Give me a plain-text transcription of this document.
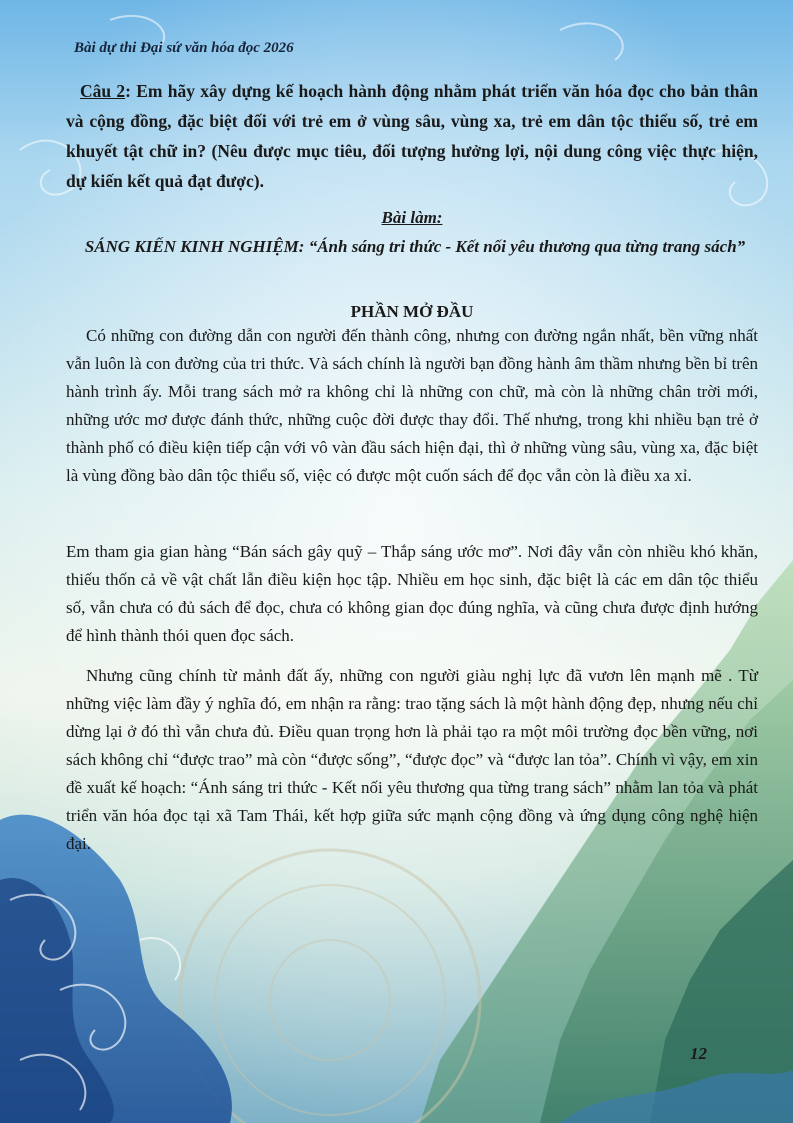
Bài dự thi Đại sứ văn hóa đọc 2026
Câu 2: Em hãy xây dựng kế hoạch hành động nhằm phát triển văn hóa đọc cho bản thân và cộng đồng, đặc biệt đối với trẻ em ở vùng sâu, vùng xa, trẻ em dân tộc thiểu số, trẻ em khuyết tật chữ in? (Nêu được mục tiêu, đối tượng hưởng lợi, nội dung công việc thực hiện, dự kiến kết quả đạt được).
Bài làm:
SÁNG KIẾN KINH NGHIỆM: “Ánh sáng tri thức - Kết nối yêu thương qua từng trang sách”
PHẦN MỞ ĐẦU

Có những con đường dẫn con người đến thành công, nhưng con đường ngắn nhất, bền vững nhất vẫn luôn là con đường của tri thức. Và sách chính là người bạn đồng hành âm thầm nhưng bền bỉ trên hành trình ấy. Mỗi trang sách mở ra không chỉ là những con chữ, mà còn là những chân trời mới, những ước mơ được đánh thức, những cuộc đời được thay đổi. Thế nhưng, trong khi nhiều bạn trẻ ở thành phố có điều kiện tiếp cận với vô vàn đầu sách hiện đại, thì ở những vùng sâu, vùng xa, đặc biệt là vùng đồng bào dân tộc thiểu số, việc có được một cuốn sách để đọc vẫn còn là điều xa xỉ.

Em tham gia gian hàng “Bán sách gây quỹ – Thắp sáng ước mơ”. Nơi đây vẫn còn nhiều khó khăn, thiếu thốn cả về vật chất lẫn điều kiện học tập. Nhiều em học sinh, đặc biệt là các em dân tộc thiểu số, vẫn chưa có đủ sách để đọc, chưa có không gian đọc đúng nghĩa, và cũng chưa được định hướng để hình thành thói quen đọc sách.

Nhưng cũng chính từ mảnh đất ấy, những con người giàu nghị lực đã vươn lên mạnh mẽ . Từ những việc làm đầy ý nghĩa đó, em nhận ra rằng: trao tặng sách là một hành động đẹp, nhưng nếu chỉ dừng lại ở đó thì vẫn chưa đủ. Điều quan trọng hơn là phải tạo ra một môi trường đọc bền vững, nơi sách không chỉ “được trao” mà còn “được sống”, “được đọc” và “được lan tỏa”. Chính vì vậy, em xin đề xuất kế hoạch: “Ánh sáng tri thức - Kết nối yêu thương qua từng trang sách” nhằm lan tỏa và phát triển văn hóa đọc tại xã Tam Thái, kết hợp giữa sức mạnh cộng đồng và ứng dụng công nghệ hiện đại.

12
